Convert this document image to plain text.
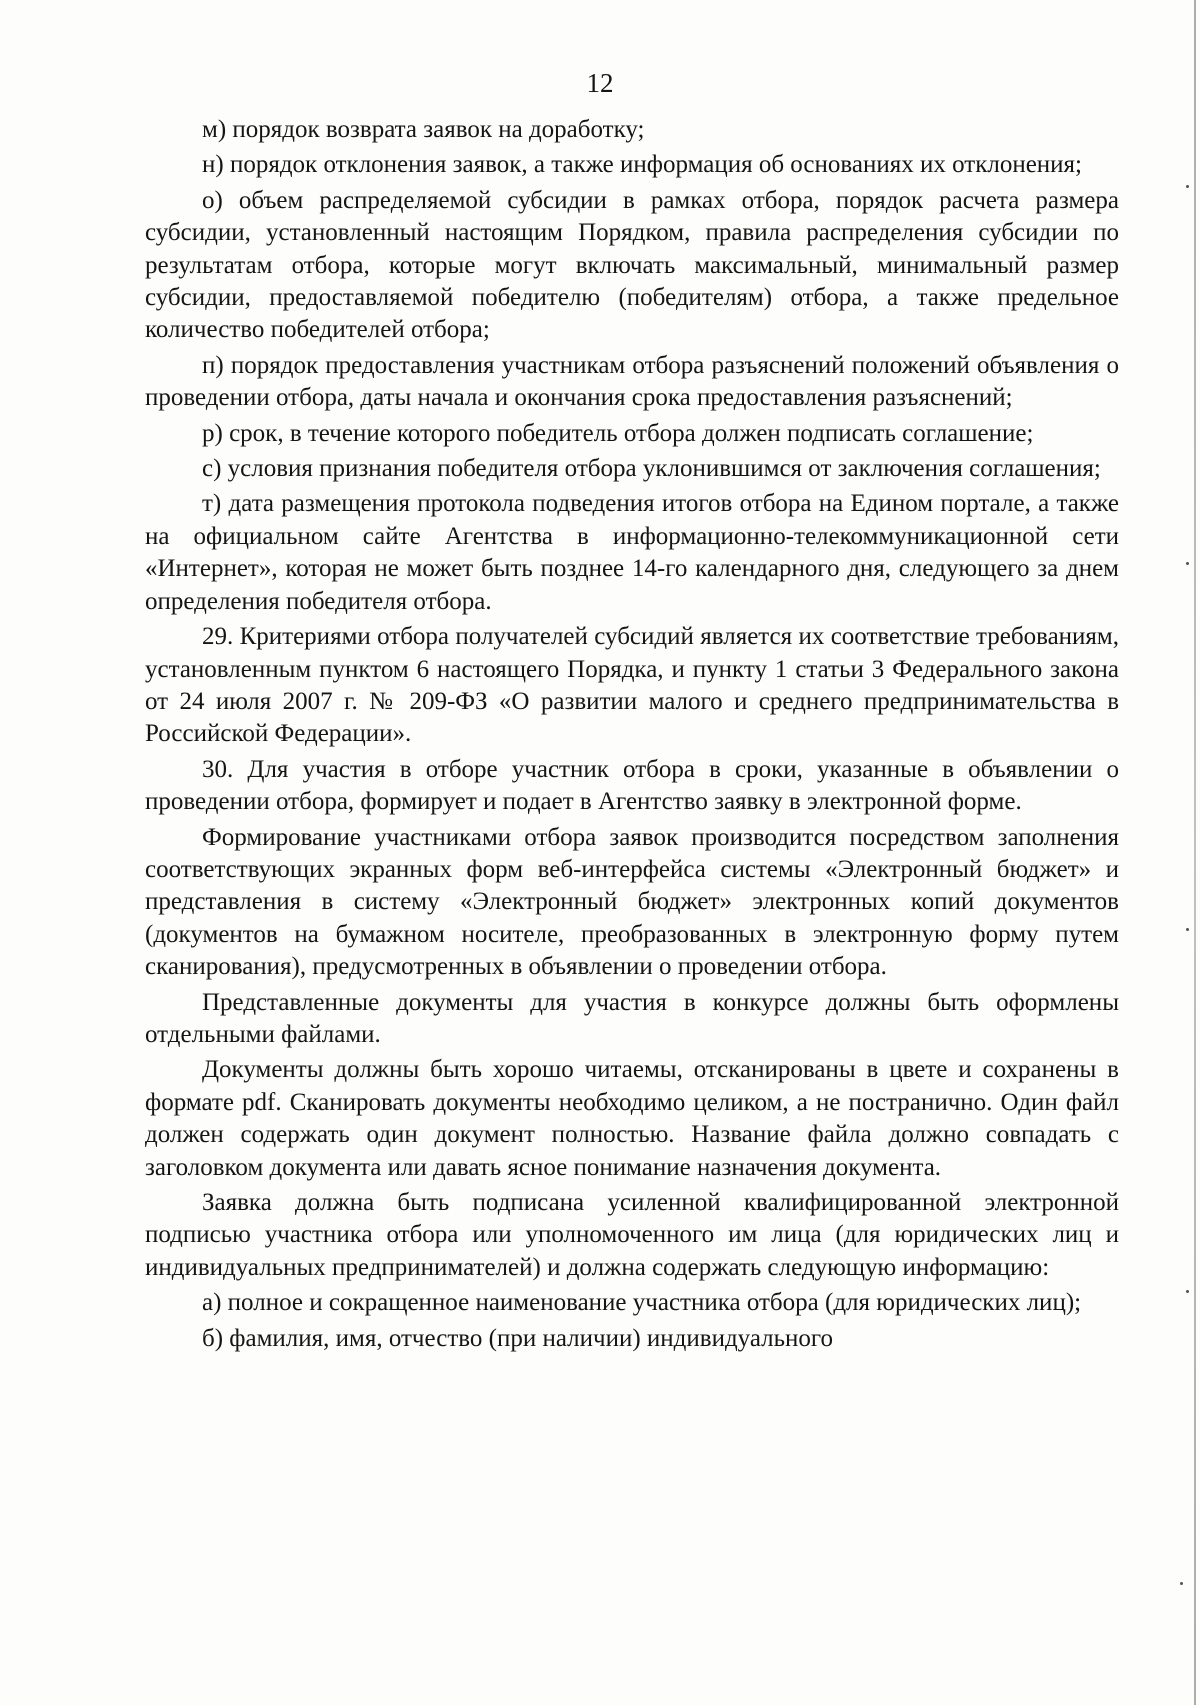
12

м) порядок возврата заявок на доработку;

н) порядок отклонения заявок, а также информация об основаниях их отклонения;

о) объем распределяемой субсидии в рамках отбора, порядок расчета размера субсидии, установленный настоящим Порядком, правила распределения субсидии по результатам отбора, которые могут включать максимальный, минимальный размер субсидии, предоставляемой победителю (победителям) отбора, а также предельное количество победителей отбора;

п) порядок предоставления участникам отбора разъяснений положений объявления о проведении отбора, даты начала и окончания срока предоставления разъяснений;

р) срок, в течение которого победитель отбора должен подписать соглашение;

с) условия признания победителя отбора уклонившимся от заключения соглашения;

т) дата размещения протокола подведения итогов отбора на Едином портале, а также на официальном сайте Агентства в информационно-телекоммуникационной сети «Интернет», которая не может быть позднее 14-го календарного дня, следующего за днем определения победителя отбора.

29. Критериями отбора получателей субсидий является их соответствие требованиям, установленным пунктом 6 настоящего Порядка, и пункту 1 статьи 3 Федерального закона от 24 июля 2007 г. № 209-ФЗ «О развитии малого и среднего предпринимательства в Российской Федерации».

30. Для участия в отборе участник отбора в сроки, указанные в объявлении о проведении отбора, формирует и подает в Агентство заявку в электронной форме.

Формирование участниками отбора заявок производится посредством заполнения соответствующих экранных форм веб-интерфейса системы «Электронный бюджет» и представления в систему «Электронный бюджет» электронных копий документов (документов на бумажном носителе, преобразованных в электронную форму путем сканирования), предусмотренных в объявлении о проведении отбора.

Представленные документы для участия в конкурсе должны быть оформлены отдельными файлами.

Документы должны быть хорошо читаемы, отсканированы в цвете и сохранены в формате pdf. Сканировать документы необходимо целиком, а не постранично. Один файл должен содержать один документ полностью. Название файла должно совпадать с заголовком документа или давать ясное понимание назначения документа.

Заявка должна быть подписана усиленной квалифицированной электронной подписью участника отбора или уполномоченного им лица (для юридических лиц и индивидуальных предпринимателей) и должна содержать следующую информацию:

а) полное и сокращенное наименование участника отбора (для юридических лиц);

б) фамилия, имя, отчество (при наличии) индивидуального
